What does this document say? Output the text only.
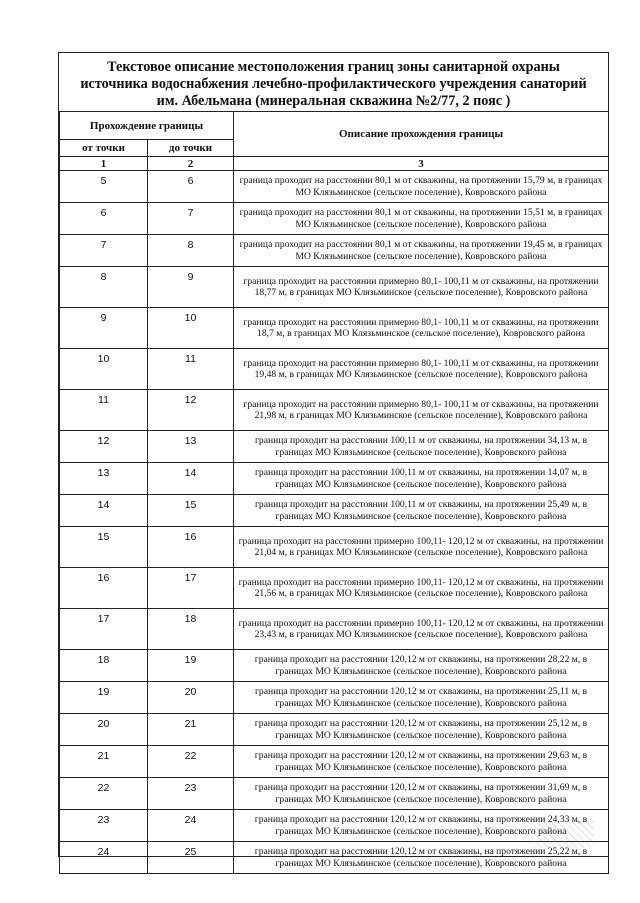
Текстовое описание местоположения границ зоны санитарной охраны
источника водоснабжения лечебно-профилактического учреждения санаторий
им. Абельмана (минеральная скважина №2/77, 2 пояс )
Прохождение границы		Описание прохождения границы
от точки	до точки	
1	2	3
5	6	граница проходит на расстоянии 80,1 м от скважины, на протяжении 15,79 м, в границах МО Клязьминское (сельское поселение), Ковровского района
6	7	граница проходит на расстоянии 80,1 м от скважины, на протяжении 15,51 м, в границах МО Клязьминское (сельское поселение), Ковровского района
7	8	граница проходит на расстоянии 80,1 м от скважины, на протяжении 19,45 м, в границах МО Клязьминское (сельское поселение), Ковровского района
8	9	граница проходит на расстоянии примерно 80,1- 100,11 м от скважины, на протяжении 18,77 м, в границах МО Клязьминское (сельское поселение), Ковровского района
9	10	граница проходит на расстоянии примерно 80,1- 100,11 м от скважины, на протяжении 18,7 м, в границах МО Клязьминское (сельское поселение), Ковровского района
10	11	граница проходит на расстоянии примерно 80,1- 100,11 м от скважины, на протяжении 19,48 м, в границах МО Клязьминское (сельское поселение), Ковровского района
11	12	граница проходит на расстоянии примерно 80,1- 100,11 м от скважины, на протяжении 21,98 м, в границах МО Клязьминское (сельское поселение), Ковровского района
12	13	граница проходит на расстоянии 100,11 м от скважины, на протяжении 34,13 м, в границах МО Клязьминское (сельское поселение), Ковровского района
13	14	граница проходит на расстоянии 100,11 м от скважины, на протяжении 14,07 м, в границах МО Клязьминское (сельское поселение), Ковровского района
14	15	граница проходит на расстоянии 100,11 м от скважины, на протяжении 25,49 м, в границах МО Клязьминское (сельское поселение), Ковровского района
15	16	граница проходит на расстоянии примерно 100,11- 120,12 м от скважины, на протяжении 21,04 м, в границах МО Клязьминское (сельское поселение), Ковровского района
16	17	граница проходит на расстоянии примерно 100,11- 120,12 м от скважины, на протяжении 21,56 м, в границах МО Клязьминское (сельское поселение), Ковровского района
17	18	граница проходит на расстоянии примерно 100,11- 120,12 м от скважины, на протяжении 23,43 м, в границах МО Клязьминское (сельское поселение), Ковровского района
18	19	граница проходит на расстоянии 120,12 м от скважины, на протяжении 28,22 м, в границах МО Клязьминское (сельское поселение), Ковровского района
19	20	граница проходит на расстоянии 120,12 м от скважины, на протяжении 25,11 м, в границах МО Клязьминское (сельское поселение), Ковровского района
20	21	граница проходит на расстоянии 120,12 м от скважины, на протяжении 25,12 м, в границах МО Клязьминское (сельское поселение), Ковровского района
21	22	граница проходит на расстоянии 120,12 м от скважины, на протяжении 29,63 м, в границах МО Клязьминское (сельское поселение), Ковровского района
22	23	граница проходит на расстоянии 120,12 м от скважины, на протяжении 31,69 м, в границах МО Клязьминское (сельское поселение), Ковровского района
23	24	граница проходит на расстоянии 120,12 м от скважины, на протяжении 24,33 м, в границах МО Клязьминское (сельское поселение), Ковровского района
24	25	граница проходит на расстоянии 120,12 м от скважины, на протяжении 25,22 м, в границах МО Клязьминское (сельское поселение), Ковровского района
